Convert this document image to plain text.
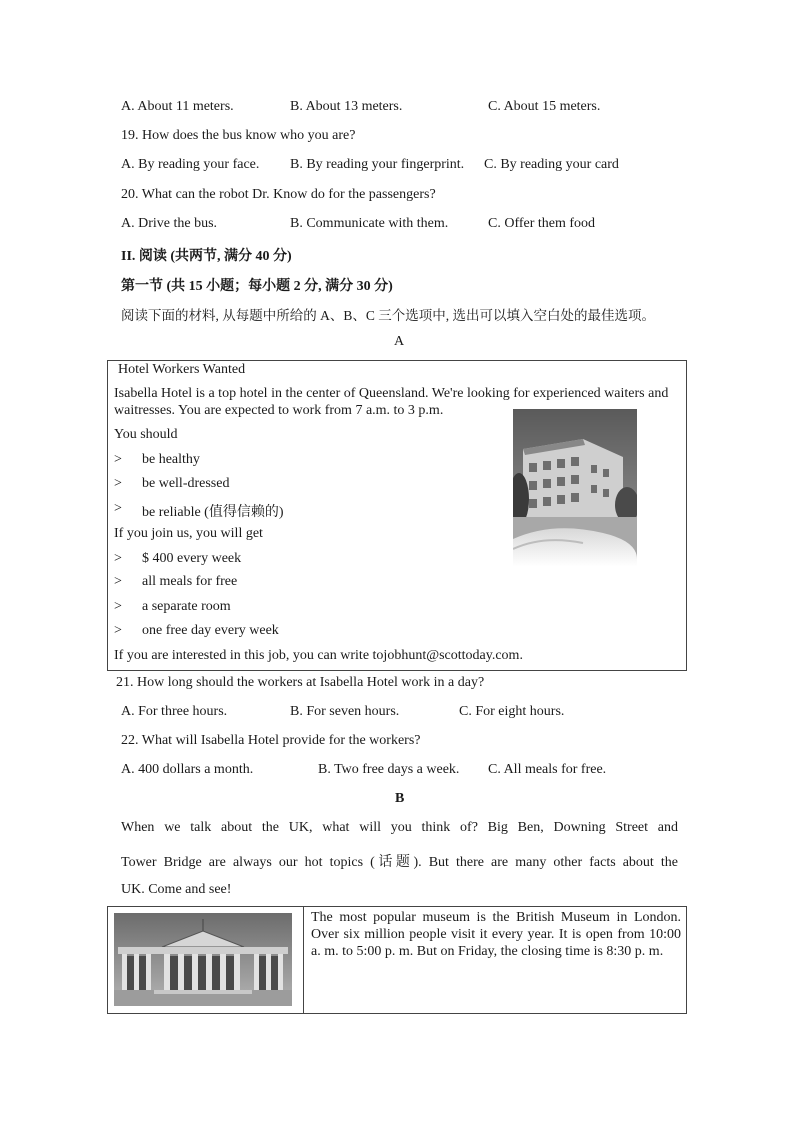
A. About 11 meters.	B. About 13 meters.	C. About 15 meters.
19. How does the bus know who you are?
A. By reading your face. B. By reading your fingerprint. C. By reading your card
20. What can the robot Dr. Know do for the passengers?
A. Drive the bus.	B. Communicate with them.	C. Offer them food
II. 阅读 (共两节, 满分 40 分)
第一节 (共 15 小题；每小题 2 分, 满分 30 分)
阅读下面的材料, 从每题中所给的 A、B、C 三个选项中, 选出可以填入空白处的最佳选项。
A
Hotel Workers Wanted
Isabella Hotel is a top hotel in the center of Queensland. We're looking for experienced waiters and
waitresses. You are expected to work from 7 a.m. to 3 p.m.
You should
> be healthy
> be well-dressed
> be reliable (值得信赖的)
If you join us, you will get
> $ 400 every week
> all meals for free
> a separate room
> one free day every week
If you are interested in this job, you can write tojobhunt@scottoday.com.
21. How long should the workers at Isabella Hotel work in a day?
A. For three hours.	B. For seven hours.	C. For eight hours.
22. What will Isabella Hotel provide for the workers?
A. 400 dollars a month.	B. Two free days a week. C. All meals for free.
B
When we talk about the UK, what will you think of? Big Ben, Downing Street and
Tower Bridge are always our hot topics (话题). But there are many other facts about the
UK. Come and see!
The most popular museum is the British Museum in London.
Over six million people visit it every year. It is open from 10:00
a. m. to 5:00 p. m. But on Friday, the closing time is 8:30 p. m.
